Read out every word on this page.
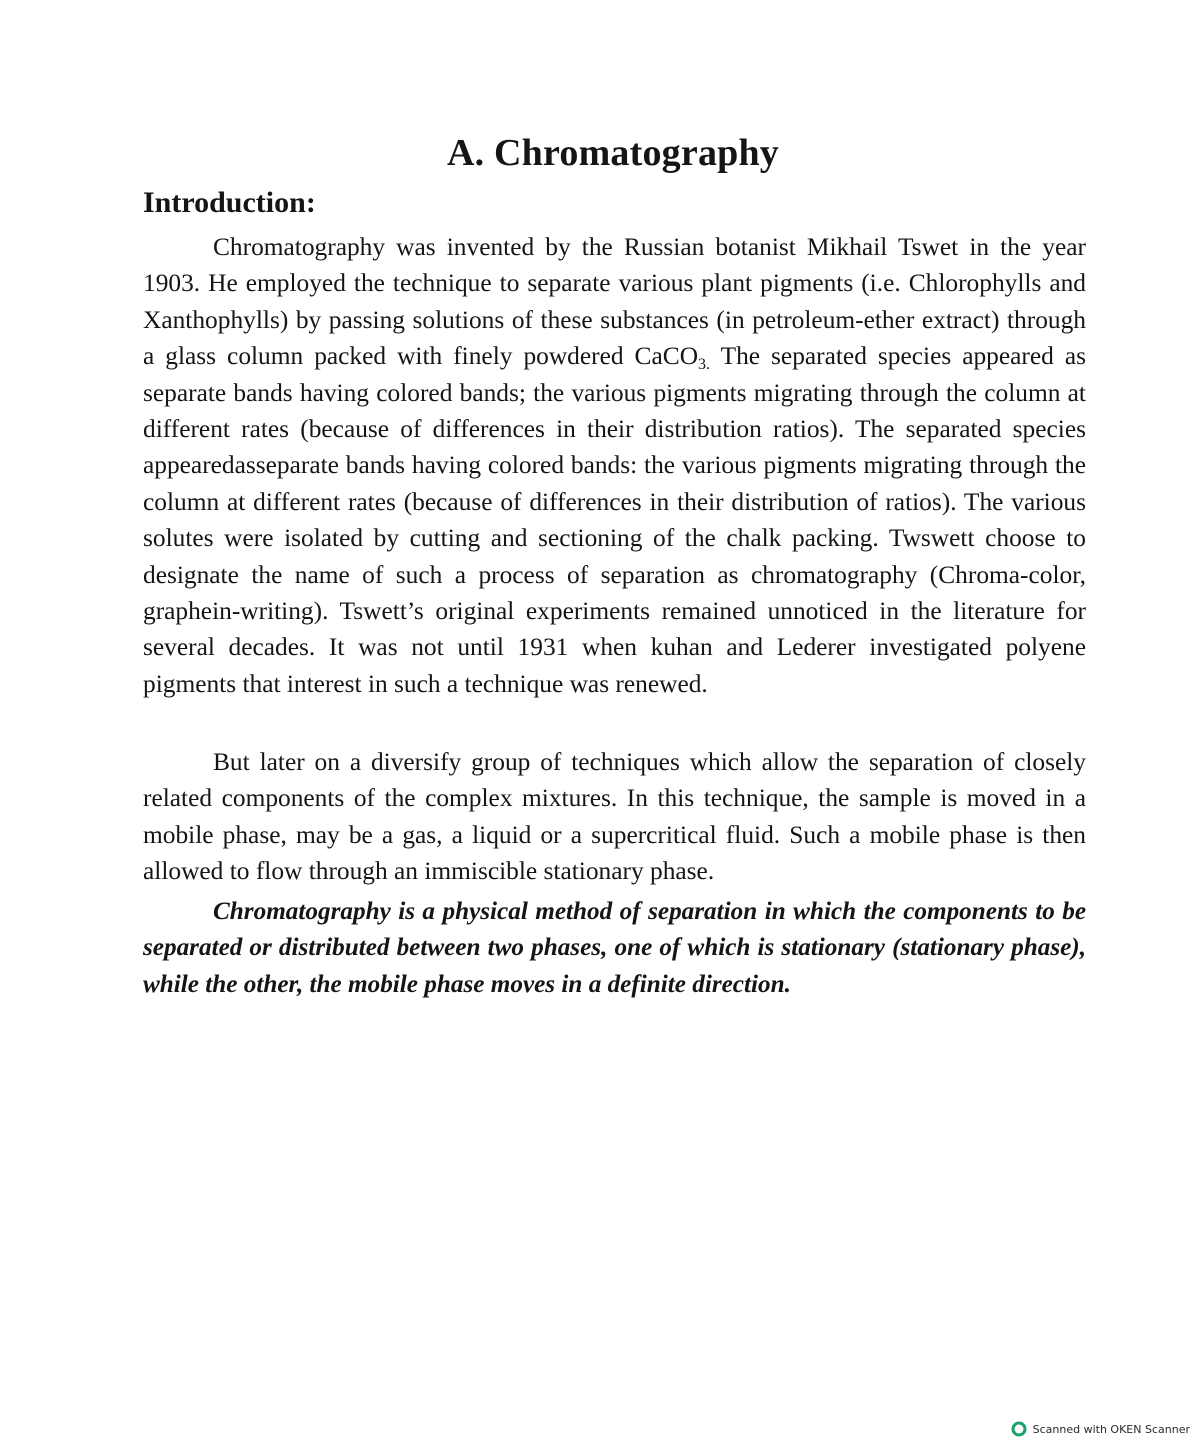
A. Chromatography
Introduction:

Chromatography was invented by the Russian botanist Mikhail Tswet in the year 1903. He employed the technique to separate various plant pigments (i.e. Chlorophylls and Xanthophylls) by passing solutions of these substances (in petroleum-ether extract) through a glass column packed with finely powdered CaCO$_{3.}$ The separated species appeared as separate bands having colored bands; the various pigments migrating through the column at different rates (because of differences in their distribution ratios). The separated species appearedasseparate bands having colored bands: the various pigments migrating through the column at different rates (because of differences in their distribution of ratios). The various solutes were isolated by cutting and sectioning of the chalk packing. Twswett choose to designate the name of such a process of separation as chromatography (Chroma-color, graphein-writing). Tswett’s original experiments remained unnoticed in the literature for several decades. It was not until 1931 when kuhan and Lederer investigated polyene pigments that interest in such a technique was renewed.

But later on a diversify group of techniques which allow the separation of closely related components of the complex mixtures. In this technique, the sample is moved in a mobile phase, may be a gas, a liquid or a supercritical fluid. Such a mobile phase is then allowed to flow through an immiscible stationary phase.

Chromatography is a physical method of separation in which the components to be separated or distributed between two phases, one of which is stationary (stationary phase), while the other, the mobile phase moves in a definite direction.

Scanned with OKEN Scanner
